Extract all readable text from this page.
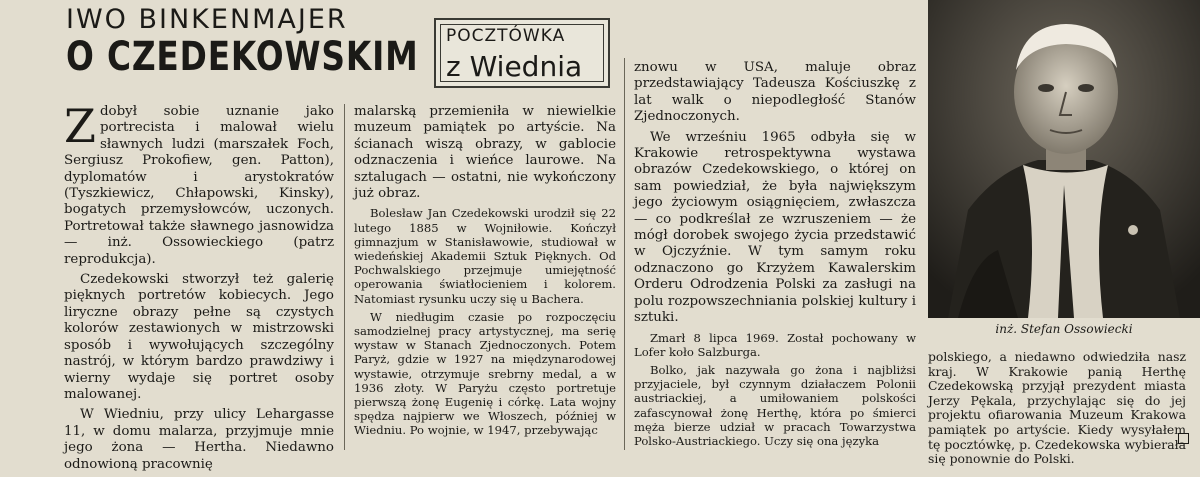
IWO BINKENMAJER
O CZEDEKOWSKIM POCZTÓWKA
z Wiednia

Zdobył sobie uznanie jako portrecista i malował wielu sławnych ludzi (marszałek Foch, Sergiusz Prokofiew, gen. Patton), dyplomatów i arystokratów (Tyszkiewicz, Chłapowski, Kinsky), bogatych przemysłowców, uczonych. Portretował także sławnego jasnowidza — inż. Ossowieckiego (patrz reprodukcja).

Czedekowski stworzył też galerię pięknych portretów kobiecych. Jego liryczne obrazy pełne są czystych kolorów zestawionych w mistrzowski sposób i wywołujących szczególny nastrój, w którym bardzo prawdziwy i wierny wydaje się portret osoby malowanej.

W Wiedniu, przy ulicy Lehargasse 11, w domu malarza, przyjmuje mnie jego żona — Hertha. Niedawno odnowioną pracownię

malarską przemieniła w niewielkie muzeum pamiątek po artyście. Na ścianach wiszą obrazy, w gablocie odznaczenia i wieńce laurowe. Na sztalugach — ostatni, nie wykończony już obraz.

Bolesław Jan Czedekowski urodził się 22 lutego 1885 w Wojniłowie. Kończył gimnazjum w Stanisławowie, studiował w wiedeńskiej Akademii Sztuk Pięknych. Od Pochwalskiego przejmuje umiejętność operowania światłocieniem i kolorem. Natomiast rysunku uczy się u Bachera.

W niedługim czasie po rozpoczęciu samodzielnej pracy artystycznej, ma serię wystaw w Stanach Zjednoczonych. Potem Paryż, gdzie w 1927 na międzynarodowej wystawie, otrzymuje srebrny medal, a w 1936 złoty. W Paryżu często portretuje pierwszą żonę Eugenię i córkę. Lata wojny spędza najpierw we Włoszech, później w Wiedniu. Po wojnie, w 1947, przebywając

znowu w USA, maluje obraz przedstawiający Tadeusza Kościuszkę z lat walk o niepodległość Stanów Zjednoczonych.

We wrześniu 1965 odbyła się w Krakowie retrospektywna wystawa obrazów Czedekowskiego, o której on sam powiedział, że była największym jego życiowym osiągnięciem, zwłaszcza — co podkreślał ze wzruszeniem — że mógł dorobek swojego życia przedstawić w Ojczyźnie. W tym samym roku odznaczono go Krzyżem Kawalerskim Orderu Odrodzenia Polski za zasługi na polu rozpowszechniania polskiej kultury i sztuki.

Zmarł 8 lipca 1969. Został pochowany w Lofer koło Salzburga.

Bolko, jak nazywała go żona i najbliżsi przyjaciele, był czynnym działaczem Polonii austriackiej, a umiłowaniem polskości zafascynował żonę Herthę, która po śmierci męża bierze udział w pracach Towarzystwa Polsko-Austriackiego. Uczy się ona języka

inż. Stefan Ossowiecki

polskiego, a niedawno odwiedziła nasz kraj. W Krakowie panią Herthę Czedekowską przyjął prezydent miasta Jerzy Pękala, przychylając się do jej projektu ofiarowania Muzeum Krakowa pamiątek po artyście. Kiedy wysyłałem tę pocztówkę, p. Czedekowska wybierała się ponownie do Polski.
